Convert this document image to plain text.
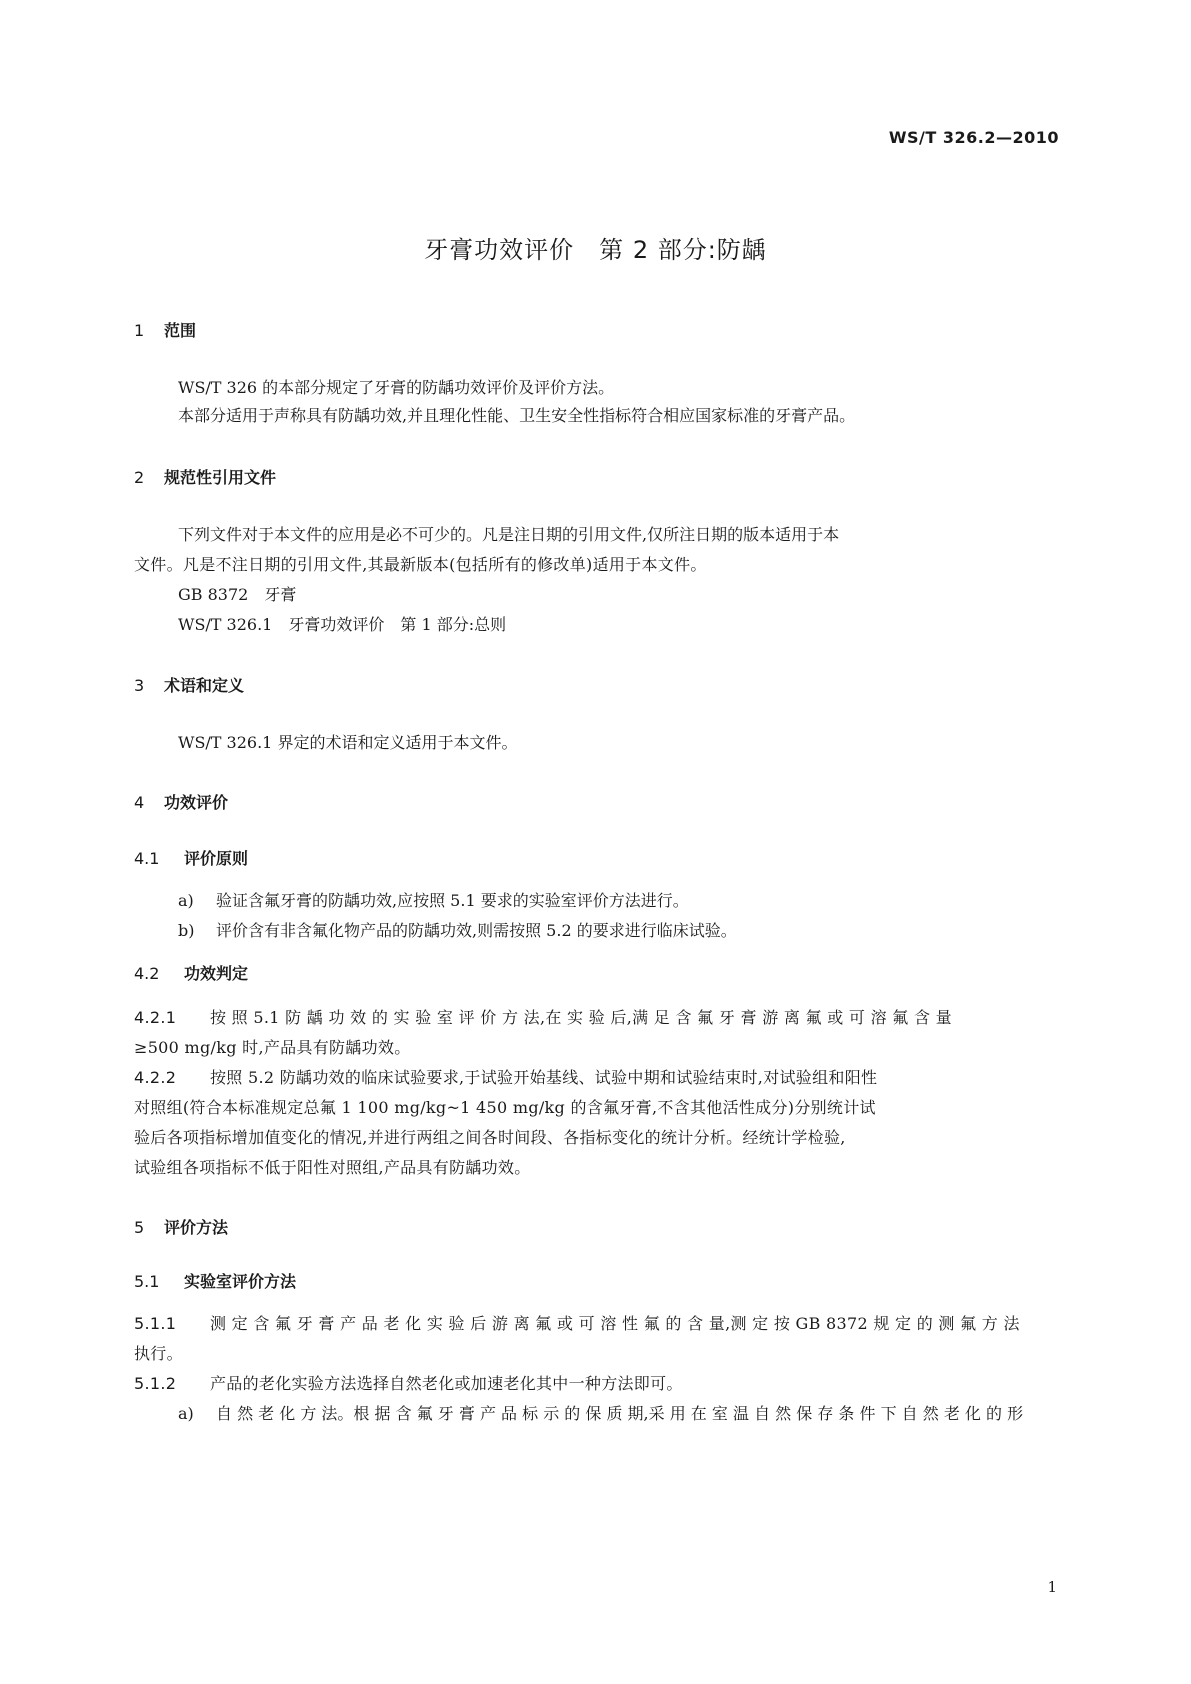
WS/T 326.2—2010
牙膏功效评价　第 2 部分:防龋
1 范围
WS/T 326 的本部分规定了牙膏的防龋功效评价及评价方法。
本部分适用于声称具有防龋功效,并且理化性能、卫生安全性指标符合相应国家标准的牙膏产品。
2 规范性引用文件
下列文件对于本文件的应用是必不可少的。凡是注日期的引用文件,仅所注日期的版本适用于本
文件。凡是不注日期的引用文件,其最新版本(包括所有的修改单)适用于本文件。
GB 8372　牙膏
WS/T 326.1　牙膏功效评价　第 1 部分:总则
3 术语和定义
WS/T 326.1 界定的术语和定义适用于本文件。
4 功效评价
4.1 评价原则
a) 验证含氟牙膏的防龋功效,应按照 5.1 要求的实验室评价方法进行。
b) 评价含有非含氟化物产品的防龋功效,则需按照 5.2 的要求进行临床试验。
4.2 功效判定
4.2.1 按 照 5.1 防 龋 功 效 的 实 验 室 评 价 方 法,在 实 验 后,满 足 含 氟 牙 膏 游 离 氟 或 可 溶 氟 含 量
≥500 mg/kg 时,产品具有防龋功效。
4.2.2 按照 5.2 防龋功效的临床试验要求,于试验开始基线、试验中期和试验结束时,对试验组和阳性
对照组(符合本标准规定总氟 1 100 mg/kg~1 450 mg/kg 的含氟牙膏,不含其他活性成分)分别统计试
验后各项指标增加值变化的情况,并进行两组之间各时间段、各指标变化的统计分析。经统计学检验,
试验组各项指标不低于阳性对照组,产品具有防龋功效。
5 评价方法
5.1 实验室评价方法
5.1.1 测 定 含 氟 牙 膏 产 品 老 化 实 验 后 游 离 氟 或 可 溶 性 氟 的 含 量,测 定 按 GB 8372 规 定 的 测 氟 方 法
执行。
5.1.2 产品的老化实验方法选择自然老化或加速老化其中一种方法即可。
a) 自 然 老 化 方 法。根 据 含 氟 牙 膏 产 品 标 示 的 保 质 期,采 用 在 室 温 自 然 保 存 条 件 下 自 然 老 化 的 形
1
